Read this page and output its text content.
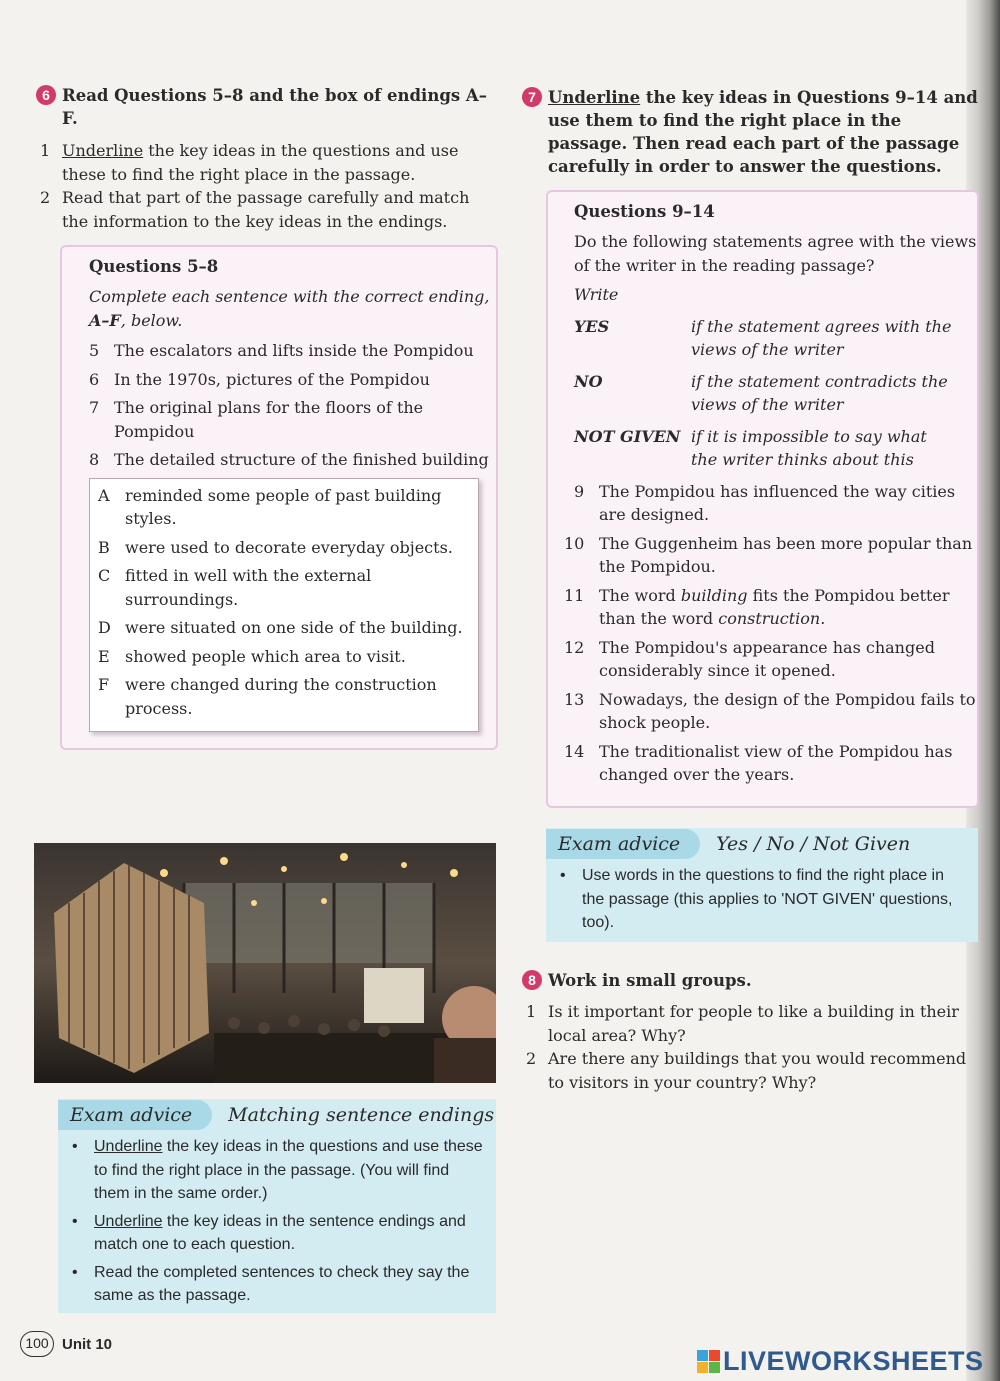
6 Read Questions 5–8 and the box of endings A–F.
1 Underline the key ideas in the questions and use these to find the right place in the passage.
2 Read that part of the passage carefully and match the information to the key ideas in the endings.
Questions 5–8
Complete each sentence with the correct ending, A–F, below.
5 The escalators and lifts inside the Pompidou
6 In the 1970s, pictures of the Pompidou
7 The original plans for the floors of the Pompidou
8 The detailed structure of the finished building
A reminded some people of past building styles.
B were used to decorate everyday objects.
C fitted in well with the external surroundings.
D were situated on one side of the building.
E showed people which area to visit.
F were changed during the construction process.
Exam advice	Matching sentence endings
•	Underline the key ideas in the questions and use these to find the right place in the passage. (You will find them in the same order.)
•	Underline the key ideas in the sentence endings and match one to each question.
•	Read the completed sentences to check they say the same as the passage.
7 Underline the key ideas in Questions 9–14 and use them to find the right place in the passage. Then read each part of the passage carefully in order to answer the questions.
Questions 9–14
Do the following statements agree with the views of the writer in the reading passage?
Write
YES	if the statement agrees with the views of the writer
NO	if the statement contradicts the views of the writer
NOT GIVEN if it is impossible to say what the writer thinks about this
9 The Pompidou has influenced the way cities are designed.
10 The Guggenheim has been more popular than the Pompidou.
11 The word building fits the Pompidou better than the word construction.
12 The Pompidou's appearance has changed considerably since it opened.
13 Nowadays, the design of the Pompidou fails to shock people.
14 The traditionalist view of the Pompidou has changed over the years.
Exam advice	Yes / No / Not Given
•	Use words in the questions to find the right place in the passage (this applies to 'NOT GIVEN' questions, too).
8 Work in small groups.
1 Is it important for people to like a building in their local area? Why?
2 Are there any buildings that you would recommend to visitors in your country? Why?
100 Unit 10
LIVEWORKSHEETS
